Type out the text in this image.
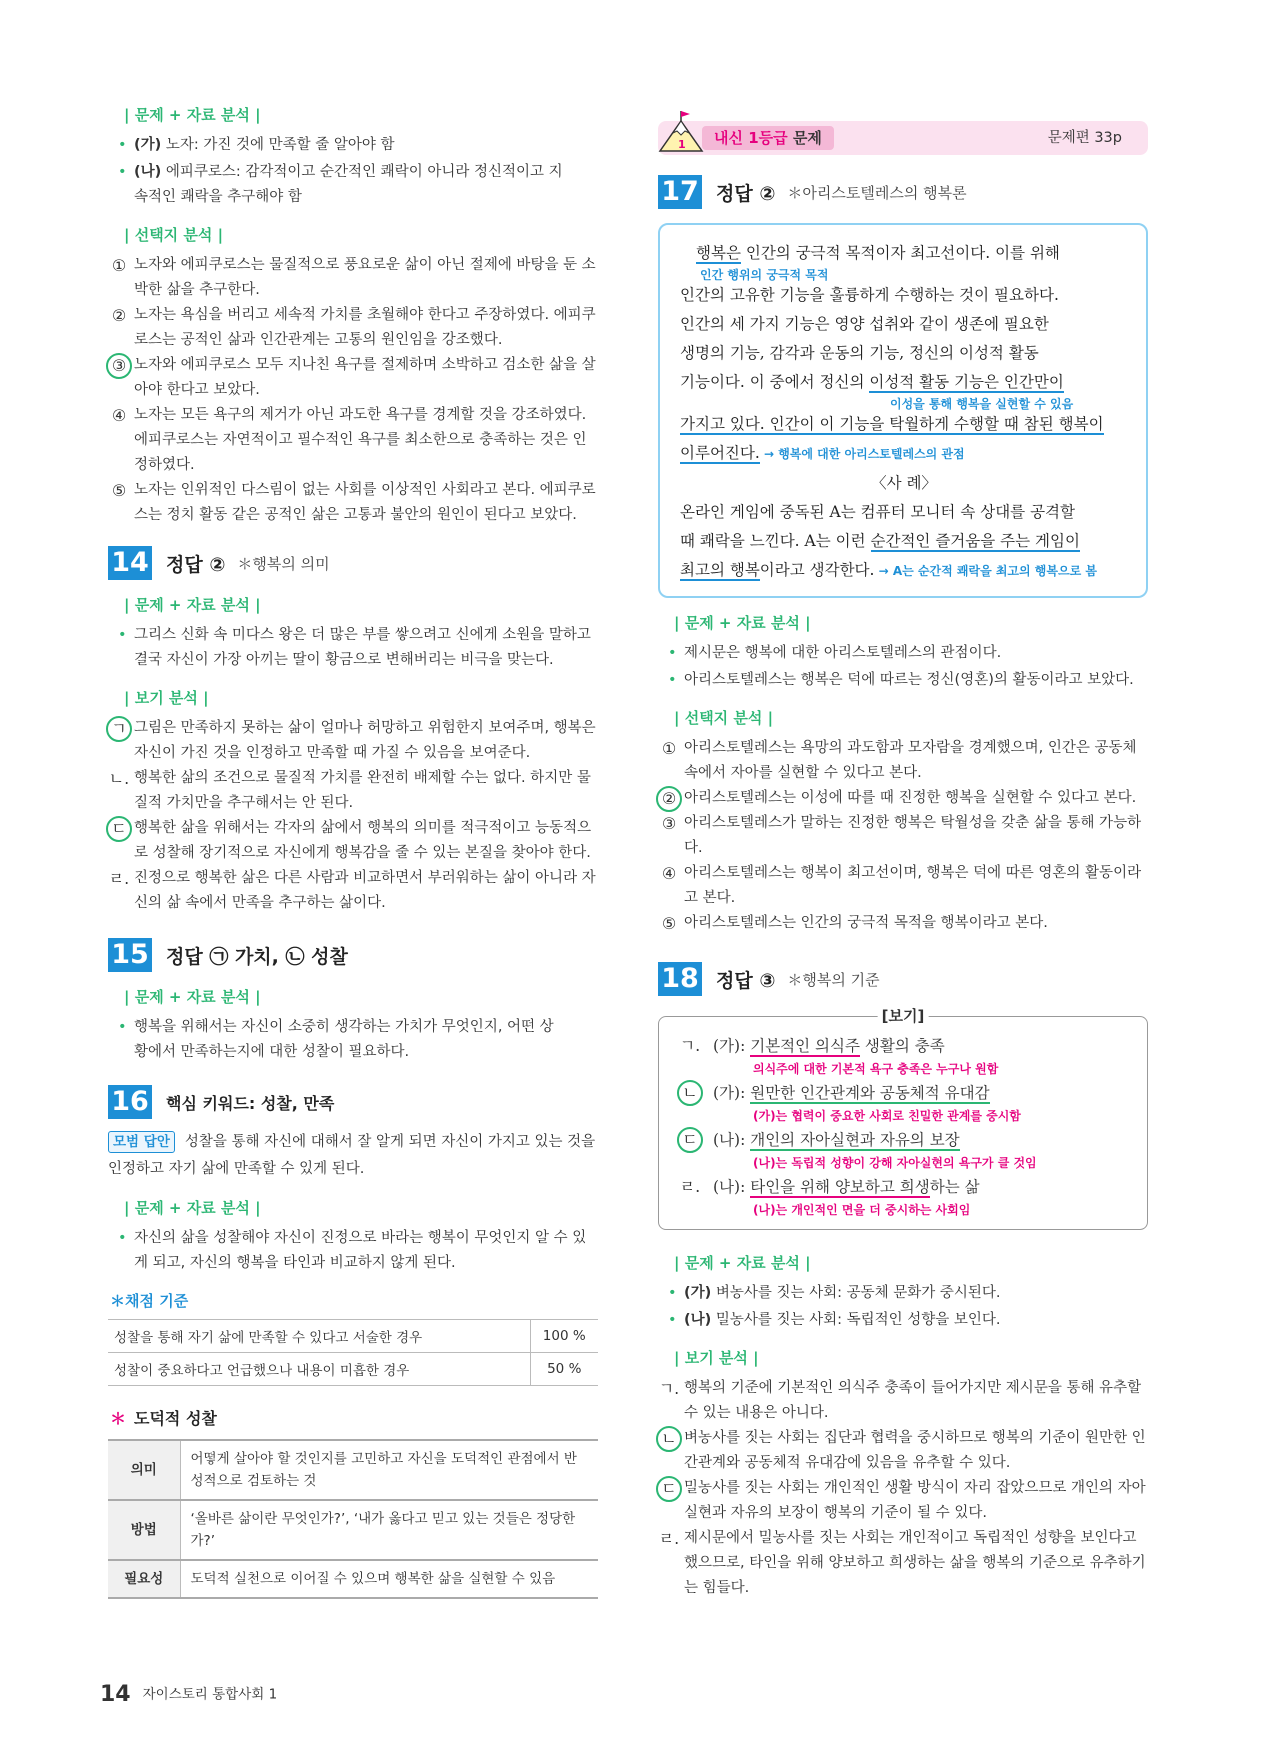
| 문제 + 자료 분석 |
• (가) 노자: 가진 것에 만족할 줄 알아야 함
• (나) 에피쿠로스: 감각적이고 순간적인 쾌락이 아니라 정신적이고 지속적인 쾌락을 추구해야 함
| 선택지 분석 |
① 노자와 에피쿠로스는 물질적으로 풍요로운 삶이 아닌 절제에 바탕을 둔 소박한 삶을 추구한다.
② 노자는 욕심을 버리고 세속적 가치를 초월해야 한다고 주장하였다. 에피쿠로스는 공적인 삶과 인간관계는 고통의 원인임을 강조했다.
③ 노자와 에피쿠로스 모두 지나친 욕구를 절제하며 소박하고 검소한 삶을 살아야 한다고 보았다.
④ 노자는 모든 욕구의 제거가 아닌 과도한 욕구를 경계할 것을 강조하였다. 에피쿠로스는 자연적이고 필수적인 욕구를 최소한으로 충족하는 것은 인정하였다.
⑤ 노자는 인위적인 다스림이 없는 사회를 이상적인 사회라고 본다. 에피쿠로스는 정치 활동 같은 공적인 삶은 고통과 불안의 원인이 된다고 보았다.
14 정답 ② ＊행복의 의미
| 문제 + 자료 분석 |
• 그리스 신화 속 미다스 왕은 더 많은 부를 쌓으려고 신에게 소원을 말하고 결국 자신이 가장 아끼는 딸이 황금으로 변해버리는 비극을 맞는다.
| 보기 분석 |
ㄱ 그림은 만족하지 못하는 삶이 얼마나 허망하고 위험한지 보여주며, 행복은 자신이 가진 것을 인정하고 만족할 때 가질 수 있음을 보여준다.
ㄴ. 행복한 삶의 조건으로 물질적 가치를 완전히 배제할 수는 없다. 하지만 물질적 가치만을 추구해서는 안 된다.
ㄷ 행복한 삶을 위해서는 각자의 삶에서 행복의 의미를 적극적이고 능동적으로 성찰해 장기적으로 자신에게 행복감을 줄 수 있는 본질을 찾아야 한다.
ㄹ. 진정으로 행복한 삶은 다른 사람과 비교하면서 부러워하는 삶이 아니라 자신의 삶 속에서 만족을 추구하는 삶이다.
15 정답 ㉠ 가치, ㉡ 성찰
| 문제 + 자료 분석 |
• 행복을 위해서는 자신이 소중히 생각하는 가치가 무엇인지, 어떤 상황에서 만족하는지에 대한 성찰이 필요하다.
16 핵심 키워드: 성찰, 만족
모범 답안 성찰을 통해 자신에 대해서 잘 알게 되면 자신이 가지고 있는 것을 인정하고 자기 삶에 만족할 수 있게 된다.
| 문제 + 자료 분석 |
• 자신의 삶을 성찰해야 자신이 진정으로 바라는 행복이 무엇인지 알 수 있게 되고, 자신의 행복을 타인과 비교하지 않게 된다.
＊채점 기준
성찰을 통해 자기 삶에 만족할 수 있다고 서술한 경우	100 %
성찰이 중요하다고 언급했으나 내용이 미흡한 경우	50 %
＊ 도덕적 성찰
의미	어떻게 살아야 할 것인지를 고민하고 자신을 도덕적인 관점에서 반성적으로 검토하는 것
방법	‘올바른 삶이란 무엇인가?’, ‘내가 옳다고 믿고 있는 것들은 정당한가?’
필요성	도덕적 실천으로 이어질 수 있으며 행복한 삶을 실현할 수 있음
14 자이스토리 통합사회 1
1	내신 1등급 문제	문제편 33p
17 정답 ② ＊아리스토텔레스의 행복론
행복은 인간의 궁극적 목적이자 최고선이다. 이를 위해
인간 행위의 궁극적 목적
인간의 고유한 기능을 훌륭하게 수행하는 것이 필요하다.
인간의 세 가지 기능은 영양 섭취와 같이 생존에 필요한
생명의 기능, 감각과 운동의 기능, 정신의 이성적 활동
기능이다. 이 중에서 정신의 이성적 활동 기능은 인간만이
이성을 통해 행복을 실현할 수 있음
가지고 있다. 인간이 이 기능을 탁월하게 수행할 때 참된 행복이
이루어진다. → 행복에 대한 아리스토텔레스의 관점
〈사 례〉
온라인 게임에 중독된 A는 컴퓨터 모니터 속 상대를 공격할
때 쾌락을 느낀다. A는 이런 순간적인 즐거움을 주는 게임이
최고의 행복이라고 생각한다. → A는 순간적 쾌락을 최고의 행복으로 봄
| 문제 + 자료 분석 |
• 제시문은 행복에 대한 아리스토텔레스의 관점이다.
• 아리스토텔레스는 행복은 덕에 따르는 정신(영혼)의 활동이라고 보았다.
| 선택지 분석 |
① 아리스토텔레스는 욕망의 과도함과 모자람을 경계했으며, 인간은 공동체 속에서 자아를 실현할 수 있다고 본다.
② 아리스토텔레스는 이성에 따를 때 진정한 행복을 실현할 수 있다고 본다.
③ 아리스토텔레스가 말하는 진정한 행복은 탁월성을 갖춘 삶을 통해 가능하다.
④ 아리스토텔레스는 행복이 최고선이며, 행복은 덕에 따른 영혼의 활동이라고 본다.
⑤ 아리스토텔레스는 인간의 궁극적 목적을 행복이라고 본다.
18 정답 ③ ＊행복의 기준
[보기]
ㄱ. (가): 기본적인 의식주 생활의 충족
의식주에 대한 기본적 욕구 충족은 누구나 원함
ㄴ (가): 원만한 인간관계와 공동체적 유대감
(가)는 협력이 중요한 사회로 친밀한 관계를 중시함
ㄷ (나): 개인의 자아실현과 자유의 보장
(나)는 독립적 성향이 강해 자아실현의 욕구가 클 것임
ㄹ. (나): 타인을 위해 양보하고 희생하는 삶
(나)는 개인적인 면을 더 중시하는 사회임
| 문제 + 자료 분석 |
• (가) 벼농사를 짓는 사회: 공동체 문화가 중시된다.
• (나) 밀농사를 짓는 사회: 독립적인 성향을 보인다.
| 보기 분석 |
ㄱ. 행복의 기준에 기본적인 의식주 충족이 들어가지만 제시문을 통해 유추할 수 있는 내용은 아니다.
ㄴ 벼농사를 짓는 사회는 집단과 협력을 중시하므로 행복의 기준이 원만한 인간관계와 공동체적 유대감에 있음을 유추할 수 있다.
ㄷ 밀농사를 짓는 사회는 개인적인 생활 방식이 자리 잡았으므로 개인의 자아실현과 자유의 보장이 행복의 기준이 될 수 있다.
ㄹ. 제시문에서 밀농사를 짓는 사회는 개인적이고 독립적인 성향을 보인다고 했으므로, 타인을 위해 양보하고 희생하는 삶을 행복의 기준으로 유추하기는 힘들다.
